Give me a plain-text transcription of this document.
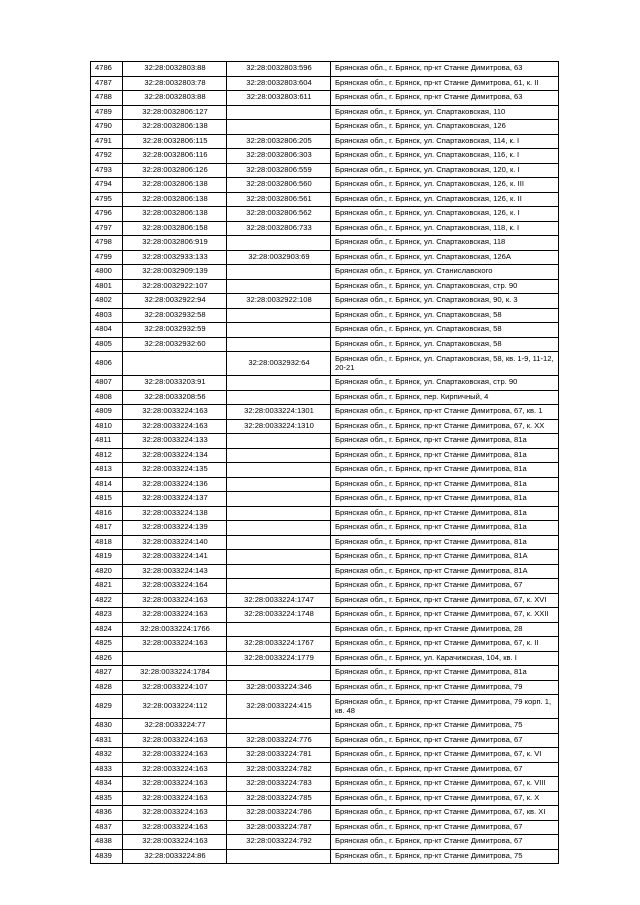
4786	32:28:0032803:88	32:28:0032803:596	Брянская обл., г. Брянск, пр-кт Станке Димитрова, 63
4787	32:28:0032803:78	32:28:0032803:604	Брянская обл., г. Брянск, пр-кт Станке Димитрова, 61, к. II
4788	32:28:0032803:88	32:28:0032803:611	Брянская обл., г. Брянск, пр-кт Станке Димитрова, 63
4789	32:28:0032806:127		Брянская обл., г. Брянск, ул. Спартаковская, 110
4790	32:28:0032806:138		Брянская обл., г. Брянск, ул. Спартаковская, 126
4791	32:28:0032806:115	32:28:0032806:205	Брянская обл., г. Брянск, ул. Спартаковская, 114, к. I
4792	32:28:0032806:116	32:28:0032806:303	Брянская обл., г. Брянск, ул. Спартаковская, 116, к. I
4793	32:28:0032806:126	32:28:0032806:559	Брянская обл., г. Брянск, ул. Спартаковская, 120, к. I
4794	32:28:0032806:138	32:28:0032806:560	Брянская обл., г. Брянск, ул. Спартаковская, 126, к. III
4795	32:28:0032806:138	32:28:0032806:561	Брянская обл., г. Брянск, ул. Спартаковская, 126, к. II
4796	32:28:0032806:138	32:28:0032806:562	Брянская обл., г. Брянск, ул. Спартаковская, 126, к. I
4797	32:28:0032806:158	32:28:0032806:733	Брянская обл., г. Брянск, ул. Спартаковская, 118, к. I
4798	32:28:0032806:919		Брянская обл., г. Брянск, ул. Спартаковская, 118
4799	32:28:0032933:133	32:28:0032903:69	Брянская обл., г. Брянск, ул. Спартаковская, 126А
4800	32:28:0032909:139		Брянская обл., г. Брянск, ул. Станиславского
4801	32:28:0032922:107		Брянская обл., г. Брянск, ул. Спартаковская, стр. 90
4802	32:28:0032922:94	32:28:0032922:108	Брянская обл., г. Брянск, ул. Спартаковская, 90, к. 3
4803	32:28:0032932:58		Брянская обл., г. Брянск, ул. Спартаковская, 58
4804	32:28:0032932:59		Брянская обл., г. Брянск, ул. Спартаковская, 58
4805	32:28:0032932:60		Брянская обл., г. Брянск, ул. Спартаковская, 58
4806		32:28:0032932:64	Брянская обл., г. Брянск, ул. Спартаковская, 58, кв. 1-9, 11-12, 20-21
4807	32:28:0033203:91		Брянская обл., г. Брянск, ул. Спартаковская, стр. 90
4808	32:28:0033208:56		Брянская обл., г. Брянск, пер. Кирпичный, 4
4809	32:28:0033224:163	32:28:0033224:1301	Брянская обл., г. Брянск, пр-кт Станке Димитрова, 67, кв. 1
4810	32:28:0033224:163	32:28:0033224:1310	Брянская обл., г. Брянск, пр-кт Станке Димитрова, 67, к. XX
4811	32:28:0033224:133		Брянская обл., г. Брянск, пр-кт Станке Димитрова, 81а
4812	32:28:0033224:134		Брянская обл., г. Брянск, пр-кт Станке Димитрова, 81а
4813	32:28:0033224:135		Брянская обл., г. Брянск, пр-кт Станке Димитрова, 81а
4814	32:28:0033224:136		Брянская обл., г. Брянск, пр-кт Станке Димитрова, 81а
4815	32:28:0033224:137		Брянская обл., г. Брянск, пр-кт Станке Димитрова, 81а
4816	32:28:0033224:138		Брянская обл., г. Брянск, пр-кт Станке Димитрова, 81а
4817	32:28:0033224:139		Брянская обл., г. Брянск, пр-кт Станке Димитрова, 81а
4818	32:28:0033224:140		Брянская обл., г. Брянск, пр-кт Станке Димитрова, 81а
4819	32:28:0033224:141		Брянская обл., г. Брянск, пр-кт Станке Димитрова, 81А
4820	32:28:0033224:143		Брянская обл., г. Брянск, пр-кт Станке Димитрова, 81А
4821	32:28:0033224:164		Брянская обл., г. Брянск, пр-кт Станке Димитрова, 67
4822	32:28:0033224:163	32:28:0033224:1747	Брянская обл., г. Брянск, пр-кт Станке Димитрова, 67, к. XVI
4823	32:28:0033224:163	32:28:0033224:1748	Брянская обл., г. Брянск, пр-кт Станке Димитрова, 67, к. XXII
4824	32:28:0033224:1766		Брянская обл., г. Брянск, пр-кт Станке Димитрова, 28
4825	32:28:0033224:163	32:28:0033224:1767	Брянская обл., г. Брянск, пр-кт Станке Димитрова, 67, к. II
4826		32:28:0033224:1779	Брянская обл., г. Брянск, ул. Карачижская, 104, кв. I
4827	32:28:0033224:1784		Брянская обл., г. Брянск, пр-кт Станке Димитрова, 81а
4828	32:28:0033224:107	32:28:0033224:346	Брянская обл., г. Брянск, пр-кт Станке Димитрова, 79
4829	32:28:0033224:112	32:28:0033224:415	Брянская обл., г. Брянск, пр-кт Станке Димитрова, 79 корп. 1, кв. 48
4830	32:28:0033224:77		Брянская обл., г. Брянск, пр-кт Станке Димитрова, 75
4831	32:28:0033224:163	32:28:0033224:776	Брянская обл., г. Брянск, пр-кт Станке Димитрова, 67
4832	32:28:0033224:163	32:28:0033224:781	Брянская обл., г. Брянск, пр-кт Станке Димитрова, 67, к. VI
4833	32:28:0033224:163	32:28:0033224:782	Брянская обл., г. Брянск, пр-кт Станке Димитрова, 67
4834	32:28:0033224:163	32:28:0033224:783	Брянская обл., г. Брянск, пр-кт Станке Димитрова, 67, к. VIII
4835	32:28:0033224:163	32:28:0033224:785	Брянская обл., г. Брянск, пр-кт Станке Димитрова, 67, к. X
4836	32:28:0033224:163	32:28:0033224:786	Брянская обл., г. Брянск, пр-кт Станке Димитрова, 67, кв. XI
4837	32:28:0033224:163	32:28:0033224:787	Брянская обл., г. Брянск, пр-кт Станке Димитрова, 67
4838	32:28:0033224:163	32:28:0033224:792	Брянская обл., г. Брянск, пр-кт Станке Димитрова, 67
4839	32:28:0033224:86		Брянская обл., г. Брянск, пр-кт Станке Димитрова, 75
